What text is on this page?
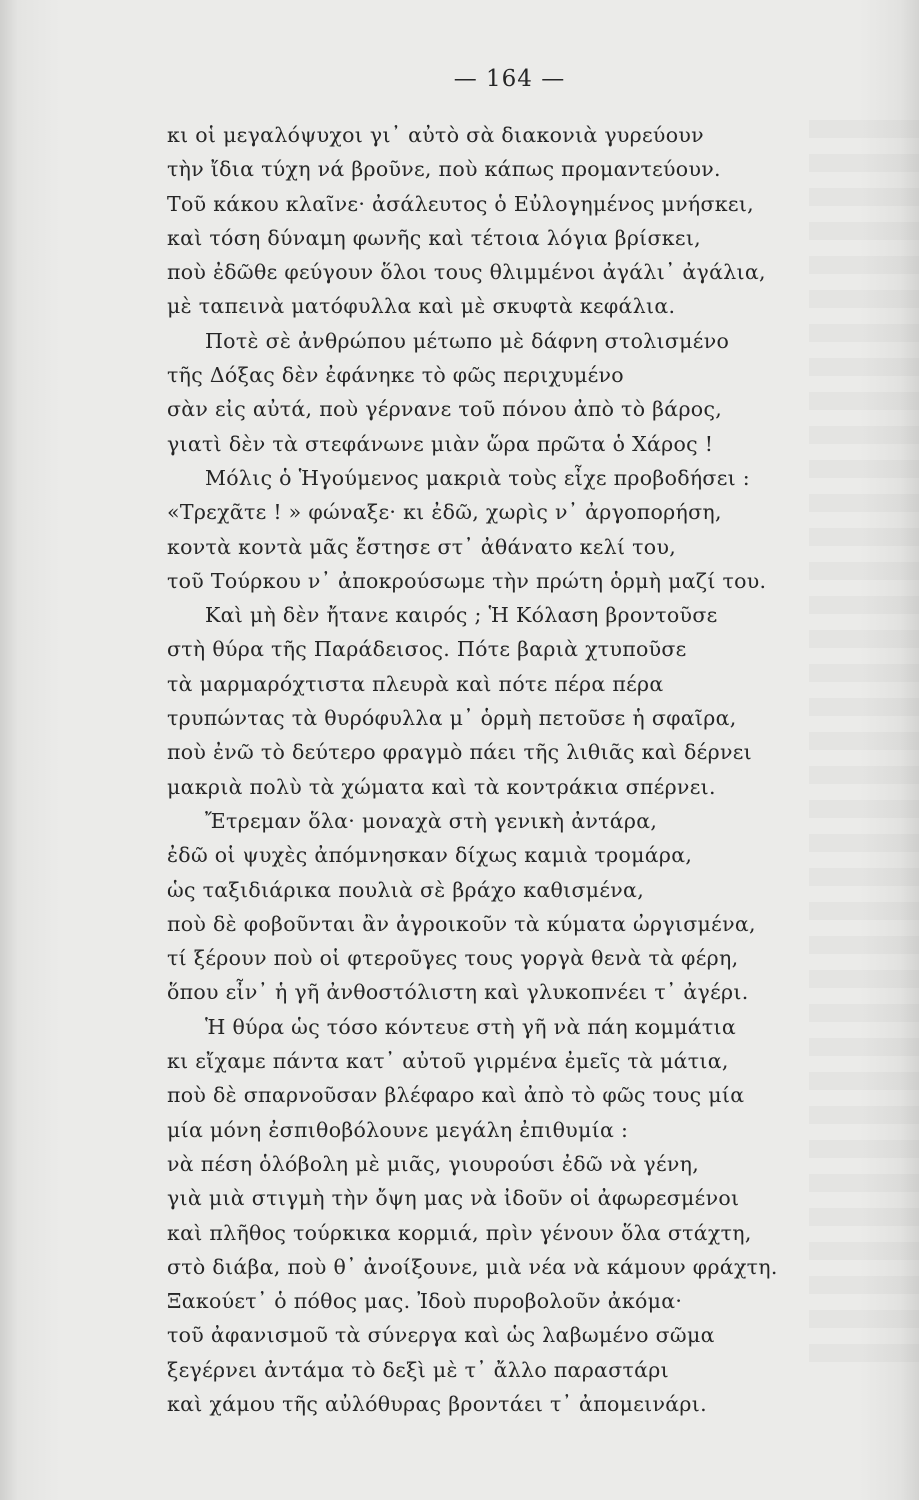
— 164 —
κι οἱ μεγαλόψυχοι γι᾿ αὐτὸ σὰ διακονιὰ γυρεύουν
τὴν ἴδια τύχη νά βροῦνε, ποὺ κάπως προμαντεύουν.
Τοῦ κάκου κλαῖνε· ἀσάλευτος ὁ Εὐλογημένος μνήσκει,
καὶ τόση δύναμη φωνῆς καὶ τέτοια λόγια βρίσκει,
ποὺ ἐδῶθε φεύγουν ὅλοι τους θλιμμένοι ἀγάλι᾿ ἀγάλια,
μὲ ταπεινὰ ματόφυλλα καὶ μὲ σκυφτὰ κεφάλια.
Ποτὲ σὲ ἀνθρώπου μέτωπο μὲ δάφνη στολισμένο
τῆς Δόξας δὲν ἐφάνηκε τὸ φῶς περιχυμένο
σὰν εἰς αὐτά, ποὺ γέρνανε τοῦ πόνου ἀπὸ τὸ βάρος,
γιατὶ δὲν τὰ στεφάνωνε μιὰν ὥρα πρῶτα ὁ Χάρος !
Μόλις ὁ Ἡγούμενος μακριὰ τοὺς εἶχε προβοδήσει :
«Τρεχᾶτε ! » φώναξε· κι ἐδῶ, χωρὶς ν᾿ ἀργοπορήση,
κοντὰ κοντὰ μᾶς ἔστησε στ᾿ ἀθάνατο κελί του,
τοῦ Τούρκου ν᾿ ἀποκρούσωμε τὴν πρώτη ὁρμὴ μαζί του.
Καὶ μὴ δὲν ἤτανε καιρός ; Ἡ Κόλαση βροντοῦσε
στὴ θύρα τῆς Παράδεισος. Πότε βαριὰ χτυποῦσε
τὰ μαρμαρόχτιστα πλευρὰ καὶ πότε πέρα πέρα
τρυπώντας τὰ θυρόφυλλα μ᾿ ὁρμὴ πετοῦσε ἡ σφαῖρα,
ποὺ ἐνῶ τὸ δεύτερο φραγμὸ πάει τῆς λιθιᾶς καὶ δέρνει
μακριὰ πολὺ τὰ χώματα καὶ τὰ κοντράκια σπέρνει.
Ἔτρεμαν ὅλα· μοναχὰ στὴ γενικὴ ἀντάρα,
ἐδῶ οἱ ψυχὲς ἀπόμνησκαν δίχως καμιὰ τρομάρα,
ὡς ταξιδιάρικα πουλιὰ σὲ βράχο καθισμένα,
ποὺ δὲ φοβοῦνται ἂν ἀγροικοῦν τὰ κύματα ὠργισμένα,
τί ξέρουν ποὺ οἱ φτεροῦγες τους γοργὰ θενὰ τὰ φέρη,
ὅπου εἶν᾿ ἡ γῆ ἀνθοστόλιστη καὶ γλυκοπνέει τ᾿ ἀγέρι.
Ἡ θύρα ὡς τόσο κόντευε στὴ γῆ νὰ πάη κομμάτια
κι εἴχαμε πάντα κατ᾿ αὐτοῦ γιρμένα ἐμεῖς τὰ μάτια,
ποὺ δὲ σπαρνοῦσαν βλέφαρο καὶ ἀπὸ τὸ φῶς τους μία
μία μόνη ἐσπιθοβόλουνε μεγάλη ἐπιθυμία :
νὰ πέση ὁλόβολη μὲ μιᾶς, γιουρούσι ἐδῶ νὰ γένη,
γιὰ μιὰ στιγμὴ τὴν ὄψη μας νὰ ἰδοῦν οἱ ἀφωρεσμένοι
καὶ πλῆθος τούρκικα κορμιά, πρὶν γένουν ὅλα στάχτη,
στὸ διάβα, ποὺ θ᾿ ἀνοίξουνε, μιὰ νέα νὰ κάμουν φράχτη.
Ξακούετ᾿ ὁ πόθος μας. Ἰδοὺ πυροβολοῦν ἀκόμα·
τοῦ ἀφανισμοῦ τὰ σύνεργα καὶ ὡς λαβωμένο σῶμα
ξεγέρνει ἀντάμα τὸ δεξὶ μὲ τ᾿ ἄλλο παραστάρι
καὶ χάμου τῆς αὐλόθυρας βροντάει τ᾿ ἀπομεινάρι.
